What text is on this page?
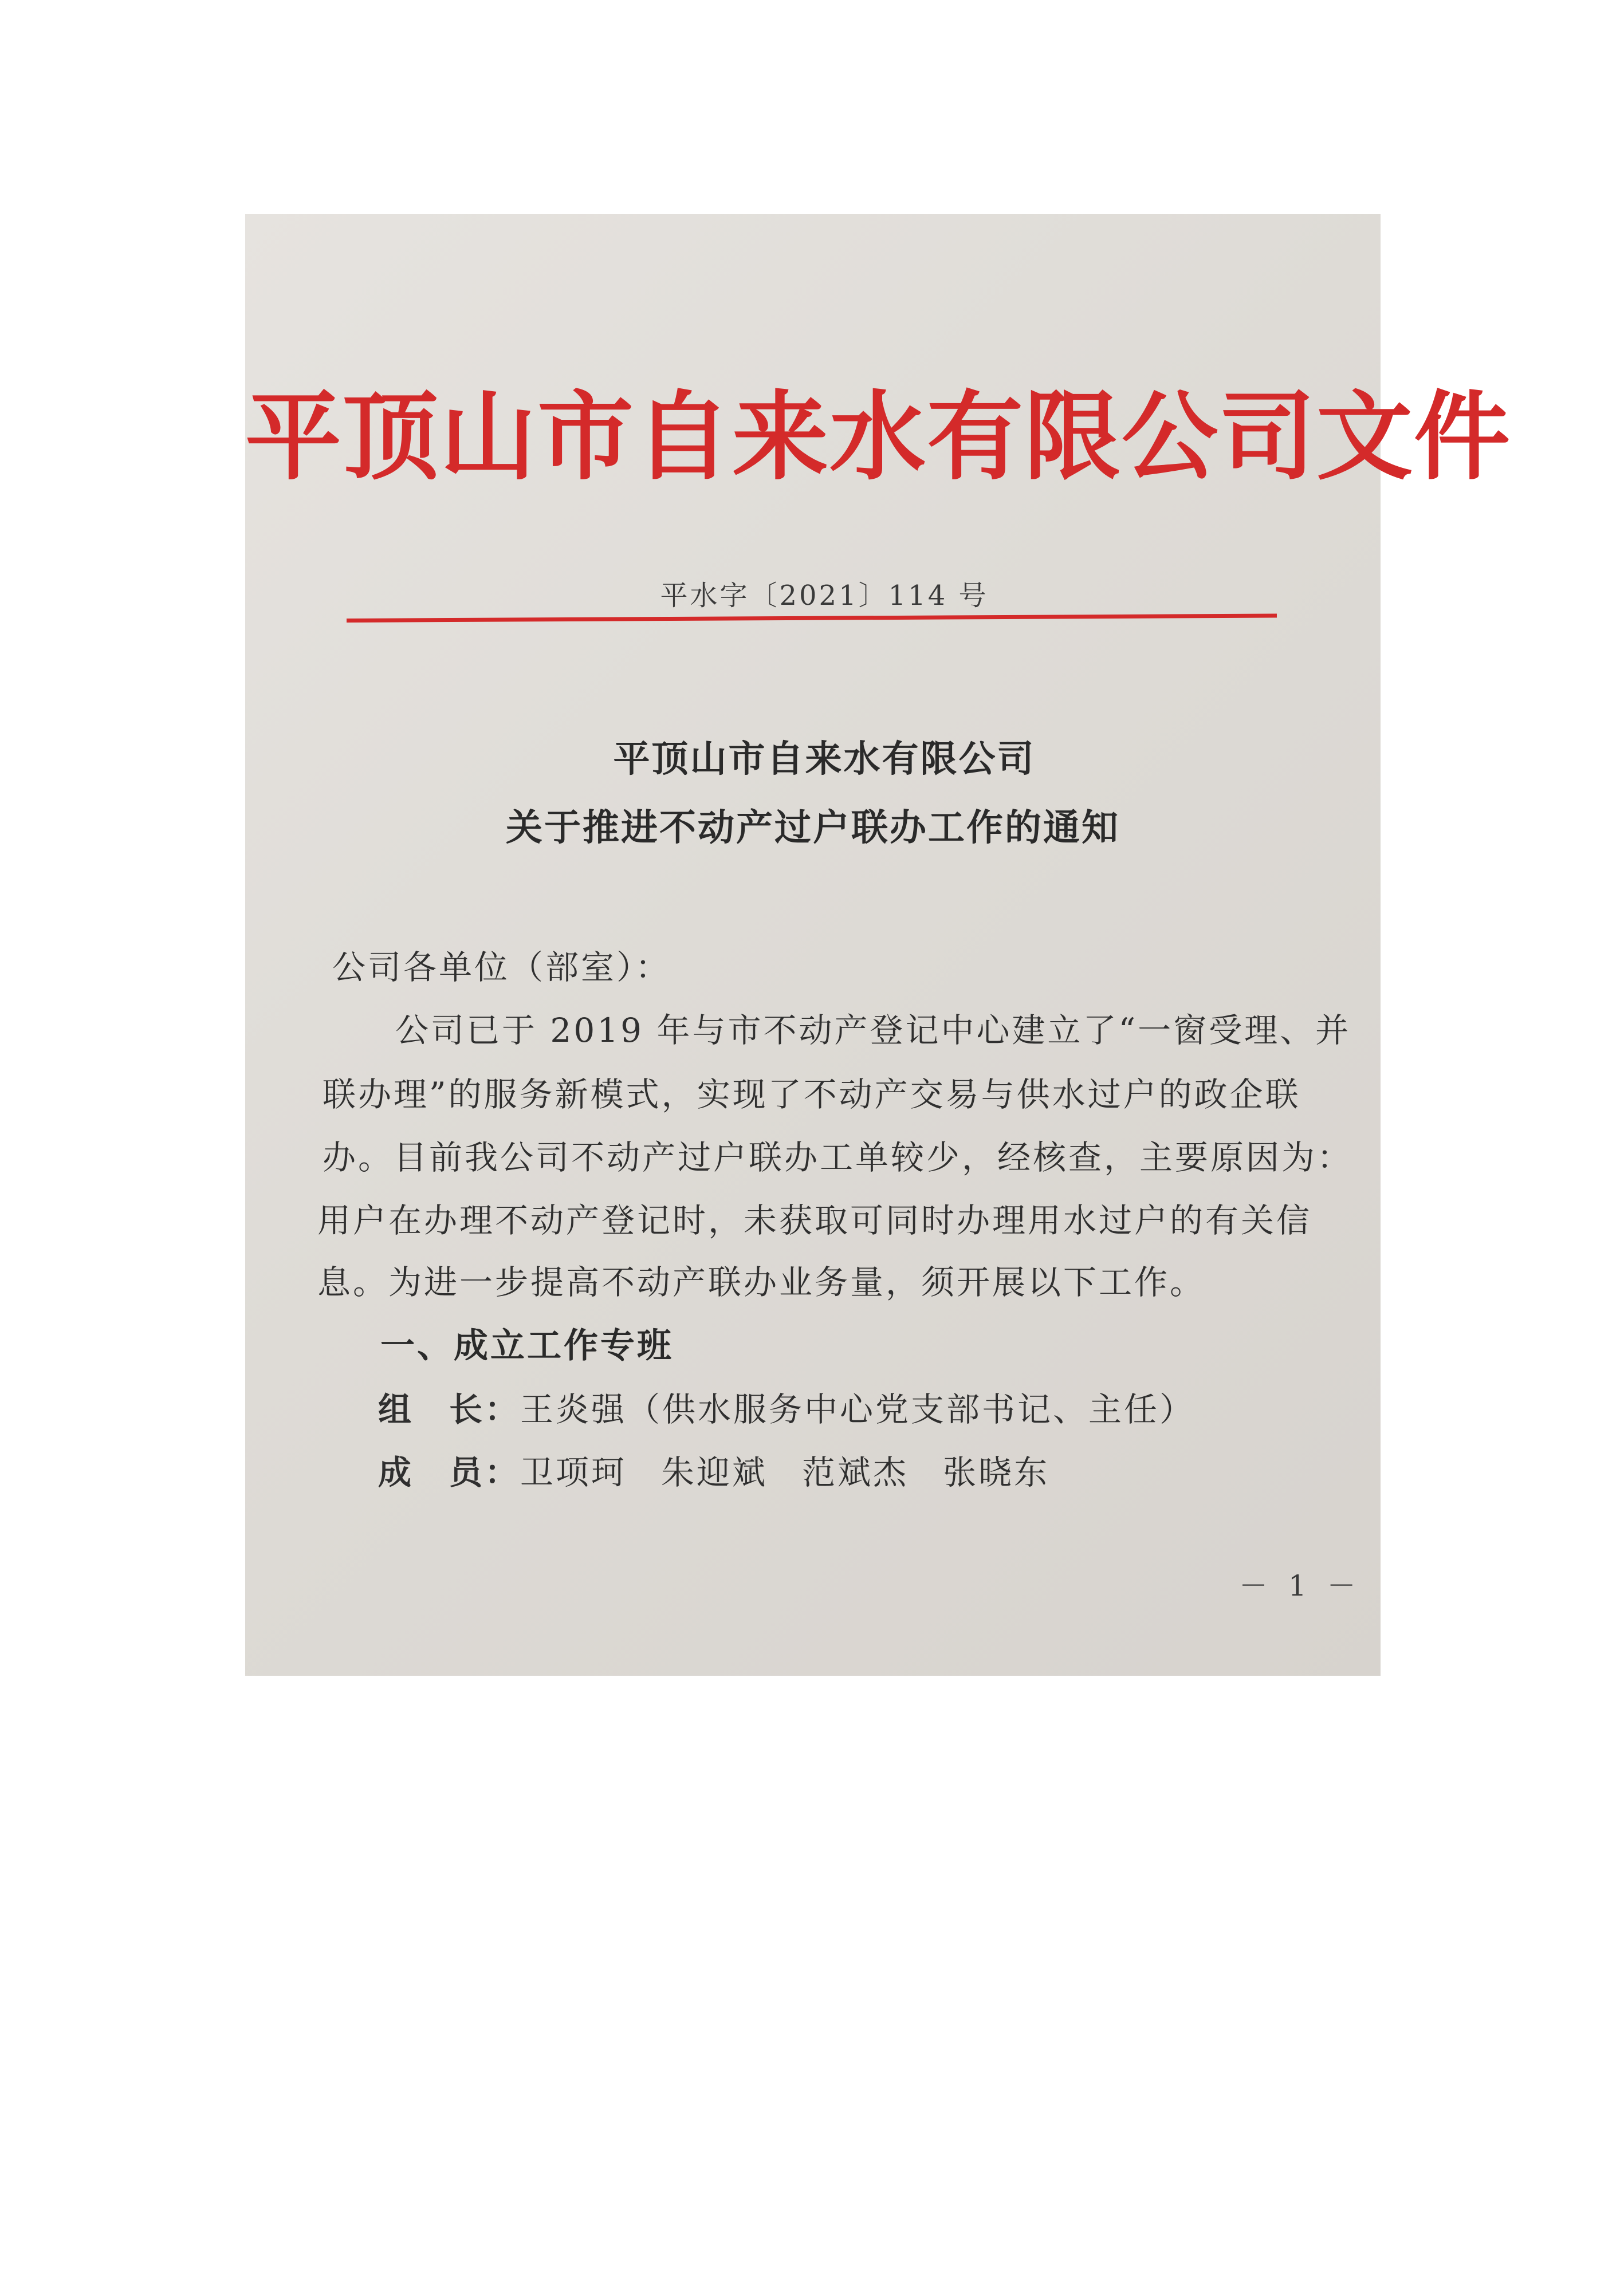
平顶山市自来水有限公司文件
平水字〔2021〕114 号
平顶山市自来水有限公司
关于推进不动产过户联办工作的通知
公司各单位（部室）：
公司已于 2019 年与市不动产登记中心建立了“一窗受理、并
联办理”的服务新模式，实现了不动产交易与供水过户的政企联
办。目前我公司不动产过户联办工单较少，经核查，主要原因为：
用户在办理不动产登记时，未获取可同时办理用水过户的有关信
息。为进一步提高不动产联办业务量，须开展以下工作。
一、成立工作专班
组　长：王炎强（供水服务中心党支部书记、主任）
成　员：卫项珂 朱迎斌 范斌杰 张晓东
－ 1 －
